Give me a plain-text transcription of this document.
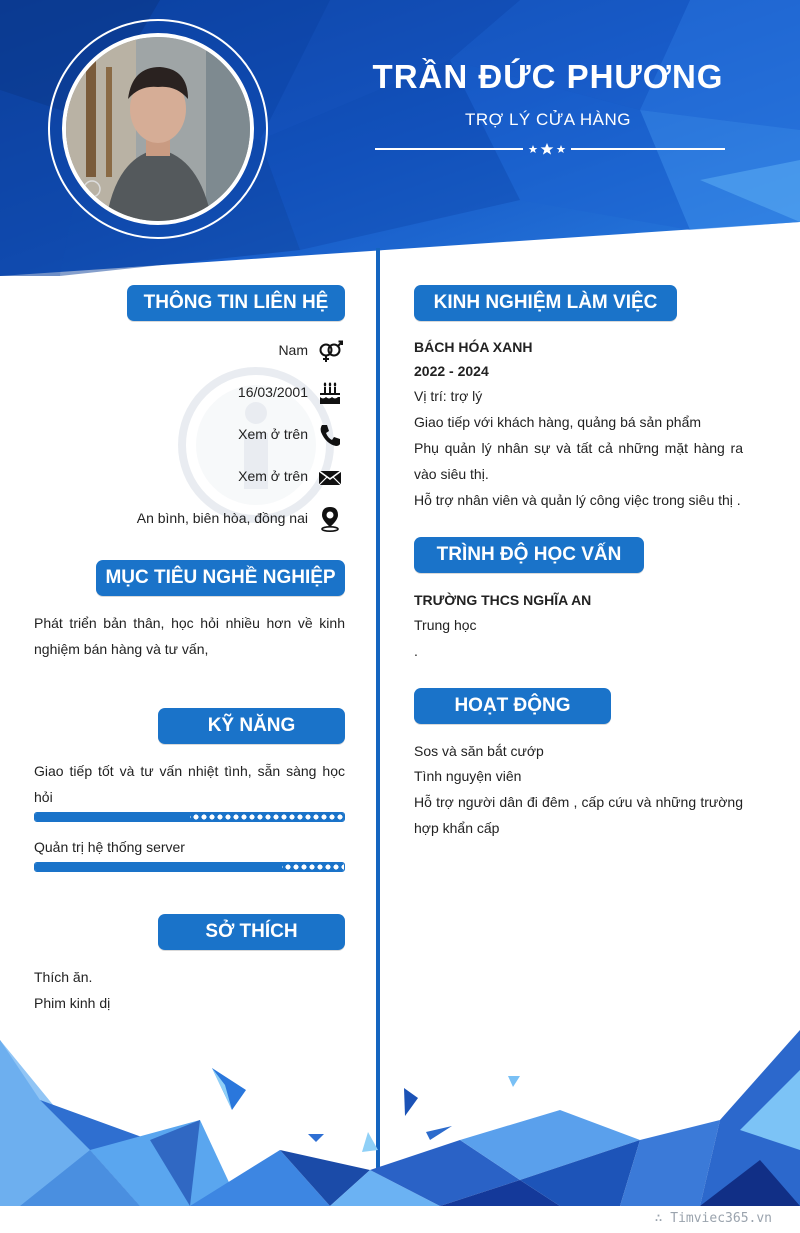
TRẦN ĐỨC PHƯƠNG
TRỢ LÝ CỬA HÀNG
THÔNG TIN LIÊN HỆ
Nam
16/03/2001
Xem ở trên
Xem ở trên
An bình, biên hòa, đồng nai
MỤC TIÊU NGHỀ NGHIỆP
Phát triển bản thân, học hỏi nhiều hơn về kinh nghiệm bán hàng và tư vấn,
KỸ NĂNG
Giao tiếp tốt và tư vấn nhiệt tình, sẵn sàng học hỏi
Quản trị hệ thống server
SỞ THÍCH
Thích ăn.
Phim kinh dị
KINH NGHIỆM LÀM VIỆC
BÁCH HÓA XANH
2022 - 2024
Vị trí: trợ lý
Giao tiếp với khách hàng, quảng bá sản phẩm
Phụ quản lý nhân sự và tất cả những mặt hàng ra vào siêu thị.
Hỗ trợ nhân viên và quản lý công việc trong siêu thị .
TRÌNH ĐỘ HỌC VẤN
TRƯỜNG THCS NGHĨA AN
Trung học
.
HOẠT ĐỘNG
Sos và săn bắt cướp
Tình nguyện viên
Hỗ trợ người dân đi đêm , cấp cứu và những trường hợp khẩn cấp
∴ Timviec365.vn
